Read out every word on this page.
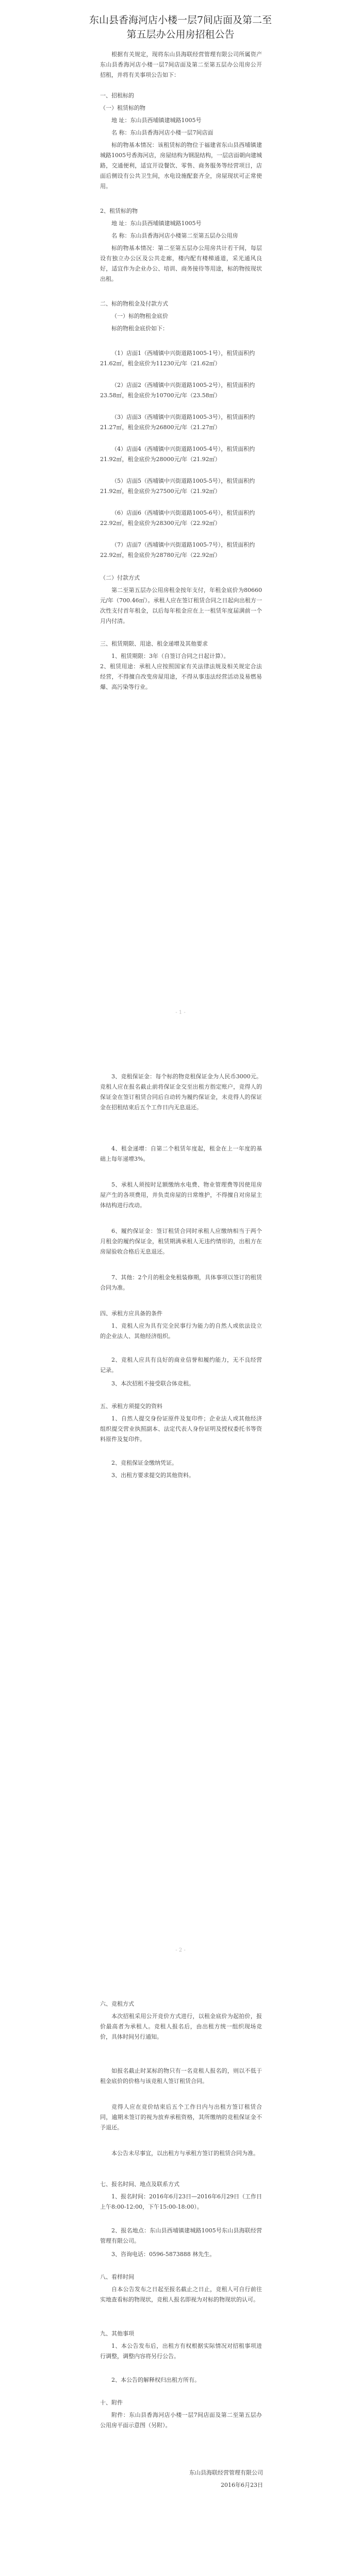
东山县香海河店小楼一层7间店面及第二至
第五层办公用房招租公告
根据有关规定，现将东山县海联经营管理有限公司所属资产东山县香海河店小楼一层7间店面及第二至第五层办公用房公开招租，并将有关事项公告如下：
一、招租标的
（一）租赁标的物
地 址：东山县西埔镇建城路1005号
名 称：东山县香海河店小楼一层7间店面
标的物基本情况：该租赁标的物位于福建省东山县西埔镇建城路1005号香海河店，房屋结构为钢混结构，一层店面朝向建城路，交通便利，适宜开设餐饮、零售、商务服务等经营项目，店面后侧设有公共卫生间，水电设施配套齐全，房屋现状可正常使用。
2、租赁标的物
地 址：东山县西埔镇建城路1005号
名 称：东山县香海河店小楼第二至第五层办公用房
标的物基本情况：第二至第五层办公用房共计若干间，每层设有独立办公区及公共走廊，楼内配有楼梯通道，采光通风良好，适宜作为企业办公、培训、商务接待等用途，标的物按现状出租。
二、标的物租金及付款方式
（一）标的物租金底价
标的物租金底价如下：
（1）店面1（西埔镇中兴街道路1005-1号），租赁面积约
21.62㎡，租金底价为11230元/年（21.62㎡）
（2）店面2（西埔镇中兴街道路1005-2号），租赁面积约
23.58㎡，租金底价为10700元/年（23.58㎡）
（3）店面3（西埔镇中兴街道路1005-3号），租赁面积约
21.27㎡，租金底价为26800元/年（21.27㎡）
（4）店面4（西埔镇中兴街道路1005-4号），租赁面积约
21.92㎡，租金底价为28000元/年（21.92㎡）
（5）店面5（西埔镇中兴街道路1005-5号），租赁面积约
21.92㎡，租金底价为27500元/年（21.92㎡）
（6）店面6（西埔镇中兴街道路1005-6号），租赁面积约
22.92㎡，租金底价为28300元/年（22.92㎡）
（7）店面7（西埔镇中兴街道路1005-7号），租赁面积约
22.92㎡，租金底价为28780元/年（22.92㎡）
（二）付款方式
第二至第五层办公用房租金按年支付，年租金底价为80660元/年（700.46㎡）。承租人应在签订租赁合同之日起向出租方一次性支付首年租金，以后每年租金应在上一租赁年度届满前一个月内付清。
三、租赁期限、用途、租金递增及其他要求
1、租赁期限：3年（自签订合同之日起计算）。
2、租赁用途：承租人应按照国家有关法律法规及相关规定合法经营，不得擅自改变房屋用途，不得从事违法经营活动及易燃易爆、高污染等行业。
- 1 -
3、竞租保证金：每个标的物竞租保证金为人民币3000元。竞租人应在报名截止前将保证金交至出租方指定账户，竞得人的保证金在签订租赁合同后自动转为履约保证金，未竞得人的保证金在招租结束后五个工作日内无息退还。
4、租金递增：自第二个租赁年度起，租金在上一年度的基础上每年递增3%。
5、承租人须按时足额缴纳水电费、物业管理费等因使用房屋产生的各项费用，并负责房屋的日常维护，不得擅自对房屋主体结构进行改动。
6、履约保证金：签订租赁合同时承租人应缴纳相当于两个月租金的履约保证金，租赁期满承租人无违约情形的，出租方在房屋验收合格后无息退还。
7、其他：2个月的租金免租装修期，具体事项以签订的租赁合同为准。
四、承租方应具备的条件
1、竞租人应为具有完全民事行为能力的自然人或依法设立的企业法人、其他经济组织。
2、竞租人应具有良好的商业信誉和履约能力，无不良经营记录。
3、本次招租不接受联合体竞租。
五、承租方须提交的资料
1、自然人提交身份证原件及复印件；企业法人或其他经济组织提交营业执照副本、法定代表人身份证明及授权委托书等资料原件及复印件。
2、竞租保证金缴纳凭证。
3、出租方要求提交的其他资料。
- 2 -
六、竞租方式
本次招租采用公开竞价方式进行，以租金底价为起拍价，报价最高者为承租人。竞租人报名后，由出租方统一组织现场竞价，具体时间另行通知。
如报名截止时某标的物只有一名竞租人报名的，则以不低于租金底价的价格与该竞租人签订租赁合同。
竞得人应在竞价结束后五个工作日内与出租方签订租赁合同，逾期未签订的视为放弃承租资格，其所缴纳的竞租保证金不予退还。
本公告未尽事宜，以出租方与承租方签订的租赁合同为准。
七、报名时间、地点及联系方式
1、报名时间：2016年6月23日—2016年6月29日（工作日上午8:00-12:00，下午15:00-18:00）。
2、报名地点：东山县西埔镇建城路1005号东山县海联经营管理有限公司。
3、咨询电话：0596-5873888 林先生。
八、看样时间
自本公告发布之日起至报名截止之日止，竞租人可自行前往实地查看标的物现状，竞租人报名即视为对标的物现状的认可。
九、其他事项
1、本公告发布后，出租方有权根据实际情况对招租事项进行调整，调整内容将另行公告。
2、本公告的解释权归出租方所有。
十、附件
附件：东山县香海河店小楼一层7间店面及第二至第五层办公用房平面示意图（另附）。
东山县海联经营管理有限公司
2016年6月23日
